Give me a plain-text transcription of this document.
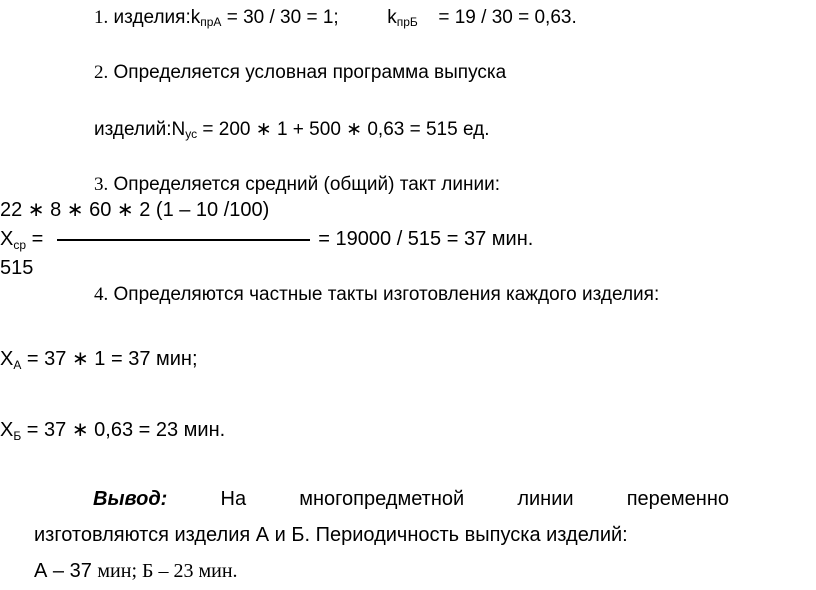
1. $изделия:k_{прА} = 30 / 30 = 1$;	$k_{прБ} = 19 / 30 = 0,63$.
2. Определяется условная программа выпуска
$изделий:N_{ус} = 200$ ∗ 1 + 500 ∗ 0,63 = 515 ед.
3. Определяется средний (общий) такт линии:
22 ∗ 8 ∗ 60 ∗ 2 (1 – 10 /100)
$Х_{ср}$ =	= 19000 / 515 = 37 мин.
515
4. Определяются частные такты изготовления каждого изделия:
$Х_А = 37$ ∗ 1 = 37 мин;
$Х_Б = 37$ ∗ 0,63 = 23 мин.
Вывод:	На	многопредметной	линии	переменно
изготовляются изделия А и Б. Периодичность выпуска изделий:
А – 37 мин; Б – 23 мин.
